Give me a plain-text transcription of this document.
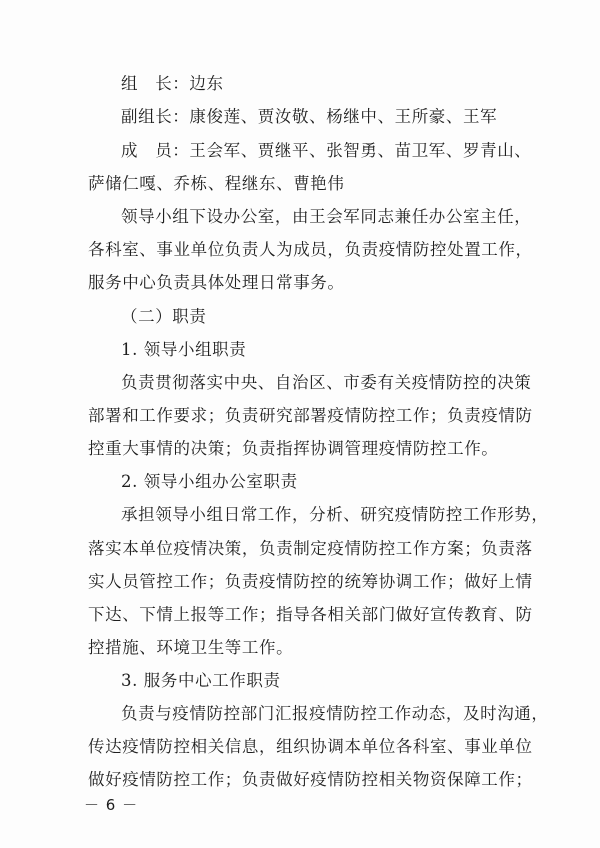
组　长：边东
副组长：康俊莲、贾汝敬、杨继中、王所豪、王军
成　员：王会军、贾继平、张智勇、苗卫军、罗青山、
萨储仁嘎、乔栋、程继东、曹艳伟
领导小组下设办公室，由王会军同志兼任办公室主任，
各科室、事业单位负责人为成员，负责疫情防控处置工作，
服务中心负责具体处理日常事务。
（二）职责
1. 领导小组职责
负责贯彻落实中央、自治区、市委有关疫情防控的决策
部署和工作要求；负责研究部署疫情防控工作；负责疫情防
控重大事情的决策；负责指挥协调管理疫情防控工作。
2. 领导小组办公室职责
承担领导小组日常工作，分析、研究疫情防控工作形势，
落实本单位疫情决策，负责制定疫情防控工作方案；负责落
实人员管控工作；负责疫情防控的统筹协调工作；做好上情
下达、下情上报等工作；指导各相关部门做好宣传教育、防
控措施、环境卫生等工作。
3. 服务中心工作职责
负责与疫情防控部门汇报疫情防控工作动态，及时沟通，
传达疫情防控相关信息，组织协调本单位各科室、事业单位
做好疫情防控工作；负责做好疫情防控相关物资保障工作；
－ 6 －
